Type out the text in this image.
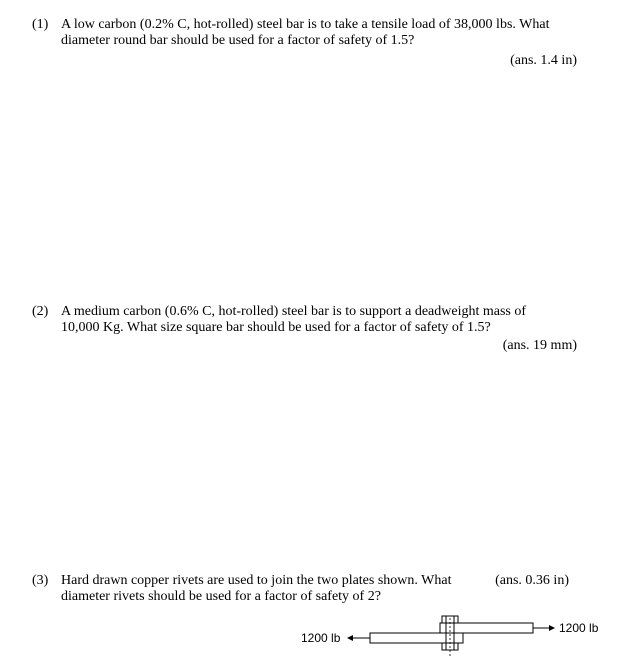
(1) A low carbon (0.2% C, hot-rolled) steel bar is to take a tensile load of 38,000 lbs. What diameter round bar should be used for a factor of safety of 1.5?
(ans. 1.4 in)
(2) A medium carbon (0.6% C, hot-rolled) steel bar is to support a deadweight mass of 10,000 Kg. What size square bar should be used for a factor of safety of 1.5?
(ans. 19 mm)
(3)	(ans. 0.36 in)
Hard drawn copper rivets are used to join the two plates shown. What diameter rivets should be used for a factor of safety of 2?
1200 lb
1200 lb
